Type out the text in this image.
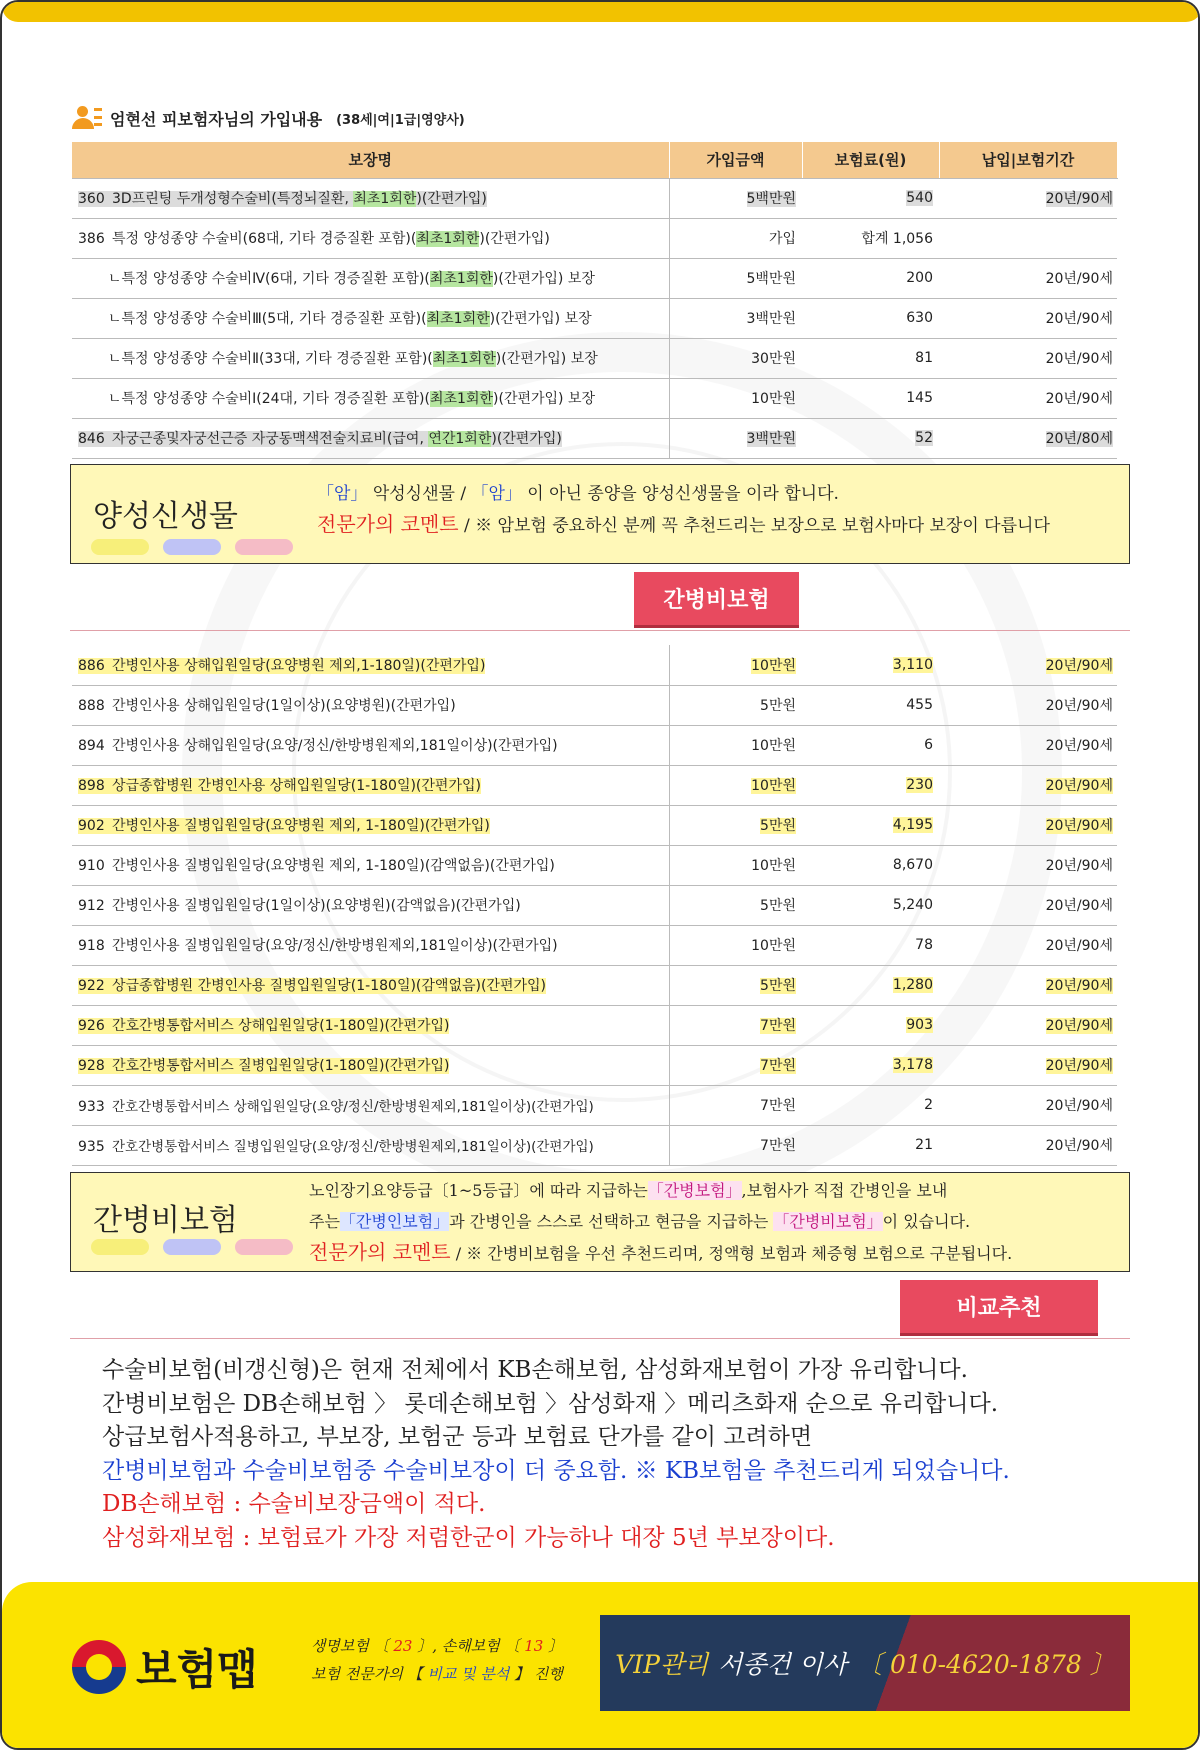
엄현선 피보험자님의 가입내용 (38세|여|1급|영양사)
보장명	가입금액	보험료(원)	납입|보험기간
360 3D프린팅 두개성형수술비(특정뇌질환, 최초1회한)(간편가입)	5백만원	540	20년/90세
386 특정 양성종양 수술비(68대, 기타 경증질환 포함)(최초1회한)(간편가입)	가입	합계 1,056	
ㄴ특정 양성종양 수술비Ⅳ(6대, 기타 경증질환 포함)(최초1회한)(간편가입) 보장	5백만원	200	20년/90세
ㄴ특정 양성종양 수술비Ⅲ(5대, 기타 경증질환 포함)(최초1회한)(간편가입) 보장	3백만원	630	20년/90세
ㄴ특정 양성종양 수술비Ⅱ(33대, 기타 경증질환 포함)(최초1회한)(간편가입) 보장	30만원	81	20년/90세
ㄴ특정 양성종양 수술비Ⅰ(24대, 기타 경증질환 포함)(최초1회한)(간편가입) 보장	10만원	145	20년/90세
846 자궁근종및자궁선근증 자궁동맥색전술치료비(급여, 연간1회한)(간편가입)	3백만원	52	20년/80세
양성신생물
「암」 악성싱샌물 / 「암」 이 아닌 종양을 양성신생물을 이라 합니다.
전문가의 코멘트 / ※ 암보험 중요하신 분께 꼭 추천드리는 보장으로 보험사마다 보장이 다릅니다
간병비보험
886 간병인사용 상해입원일당(요양병원 제외,1-180일)(간편가입)	10만원	3,110	20년/90세
888 간병인사용 상해입원일당(1일이상)(요양병원)(간편가입)	5만원	455	20년/90세
894 간병인사용 상해입원일당(요양/정신/한방병원제외,181일이상)(간편가입)	10만원	6	20년/90세
898 상급종합병원 간병인사용 상해입원일당(1-180일)(간편가입)	10만원	230	20년/90세
902 간병인사용 질병입원일당(요양병원 제외, 1-180일)(간편가입)	5만원	4,195	20년/90세
910 간병인사용 질병입원일당(요양병원 제외, 1-180일)(감액없음)(간편가입)	10만원	8,670	20년/90세
912 간병인사용 질병입원일당(1일이상)(요양병원)(감액없음)(간편가입)	5만원	5,240	20년/90세
918 간병인사용 질병입원일당(요양/정신/한방병원제외,181일이상)(간편가입)	10만원	78	20년/90세
922 상급종합병원 간병인사용 질병입원일당(1-180일)(감액없음)(간편가입)	5만원	1,280	20년/90세
926 간호간병통합서비스 상해입원일당(1-180일)(간편가입)	7만원	903	20년/90세
928 간호간병통합서비스 질병입원일당(1-180일)(간편가입)	7만원	3,178	20년/90세
933 간호간병통합서비스 상해입원일당(요양/정신/한방병원제외,181일이상)(간편가입)	7만원	2	20년/90세
935 간호간병통합서비스 질병입원일당(요양/정신/한방병원제외,181일이상)(간편가입)	7만원	21	20년/90세
간병비보험
노인장기요양등급〔1~5등급〕에 따라 지급하는「간병보험」,보험사가 직접 간병인을 보내
주는「간병인보험」과 간병인을 스스로 선택하고 현금을 지급하는 「간병비보험」이 있습니다.
전문가의 코멘트 / ※ 간병비보험을 우선 추천드리며, 정액형 보험과 체증형 보험으로 구분됩니다.
비교추천
수술비보험(비갱신형)은 현재 전체에서 KB손해보험, 삼성화재보험이 가장 유리합니다.
간병비보험은 DB손해보험 〉 롯데손해보험 〉삼성화재 〉메리츠화재 순으로 유리합니다.
상급보험사적용하고, 부보장, 보험군 등과 보험료 단가를 같이 고려하면
간병비보험과 수술비보험중 수술비보장이 더 중요함. ※ KB보험을 추천드리게 되었습니다.
DB손해보험 : 수술비보장금액이 적다.
삼성화재보험 : 보험료가 가장 저렴한군이 가능하나 대장 5년 부보장이다.
보험맵	생명보험 〔 23 〕, 손해보험 〔 13 〕
보험 전문가의 【 비교 및 분석 】 진행	VIP관리 서종건 이사 〔 010-4620-1878 〕
